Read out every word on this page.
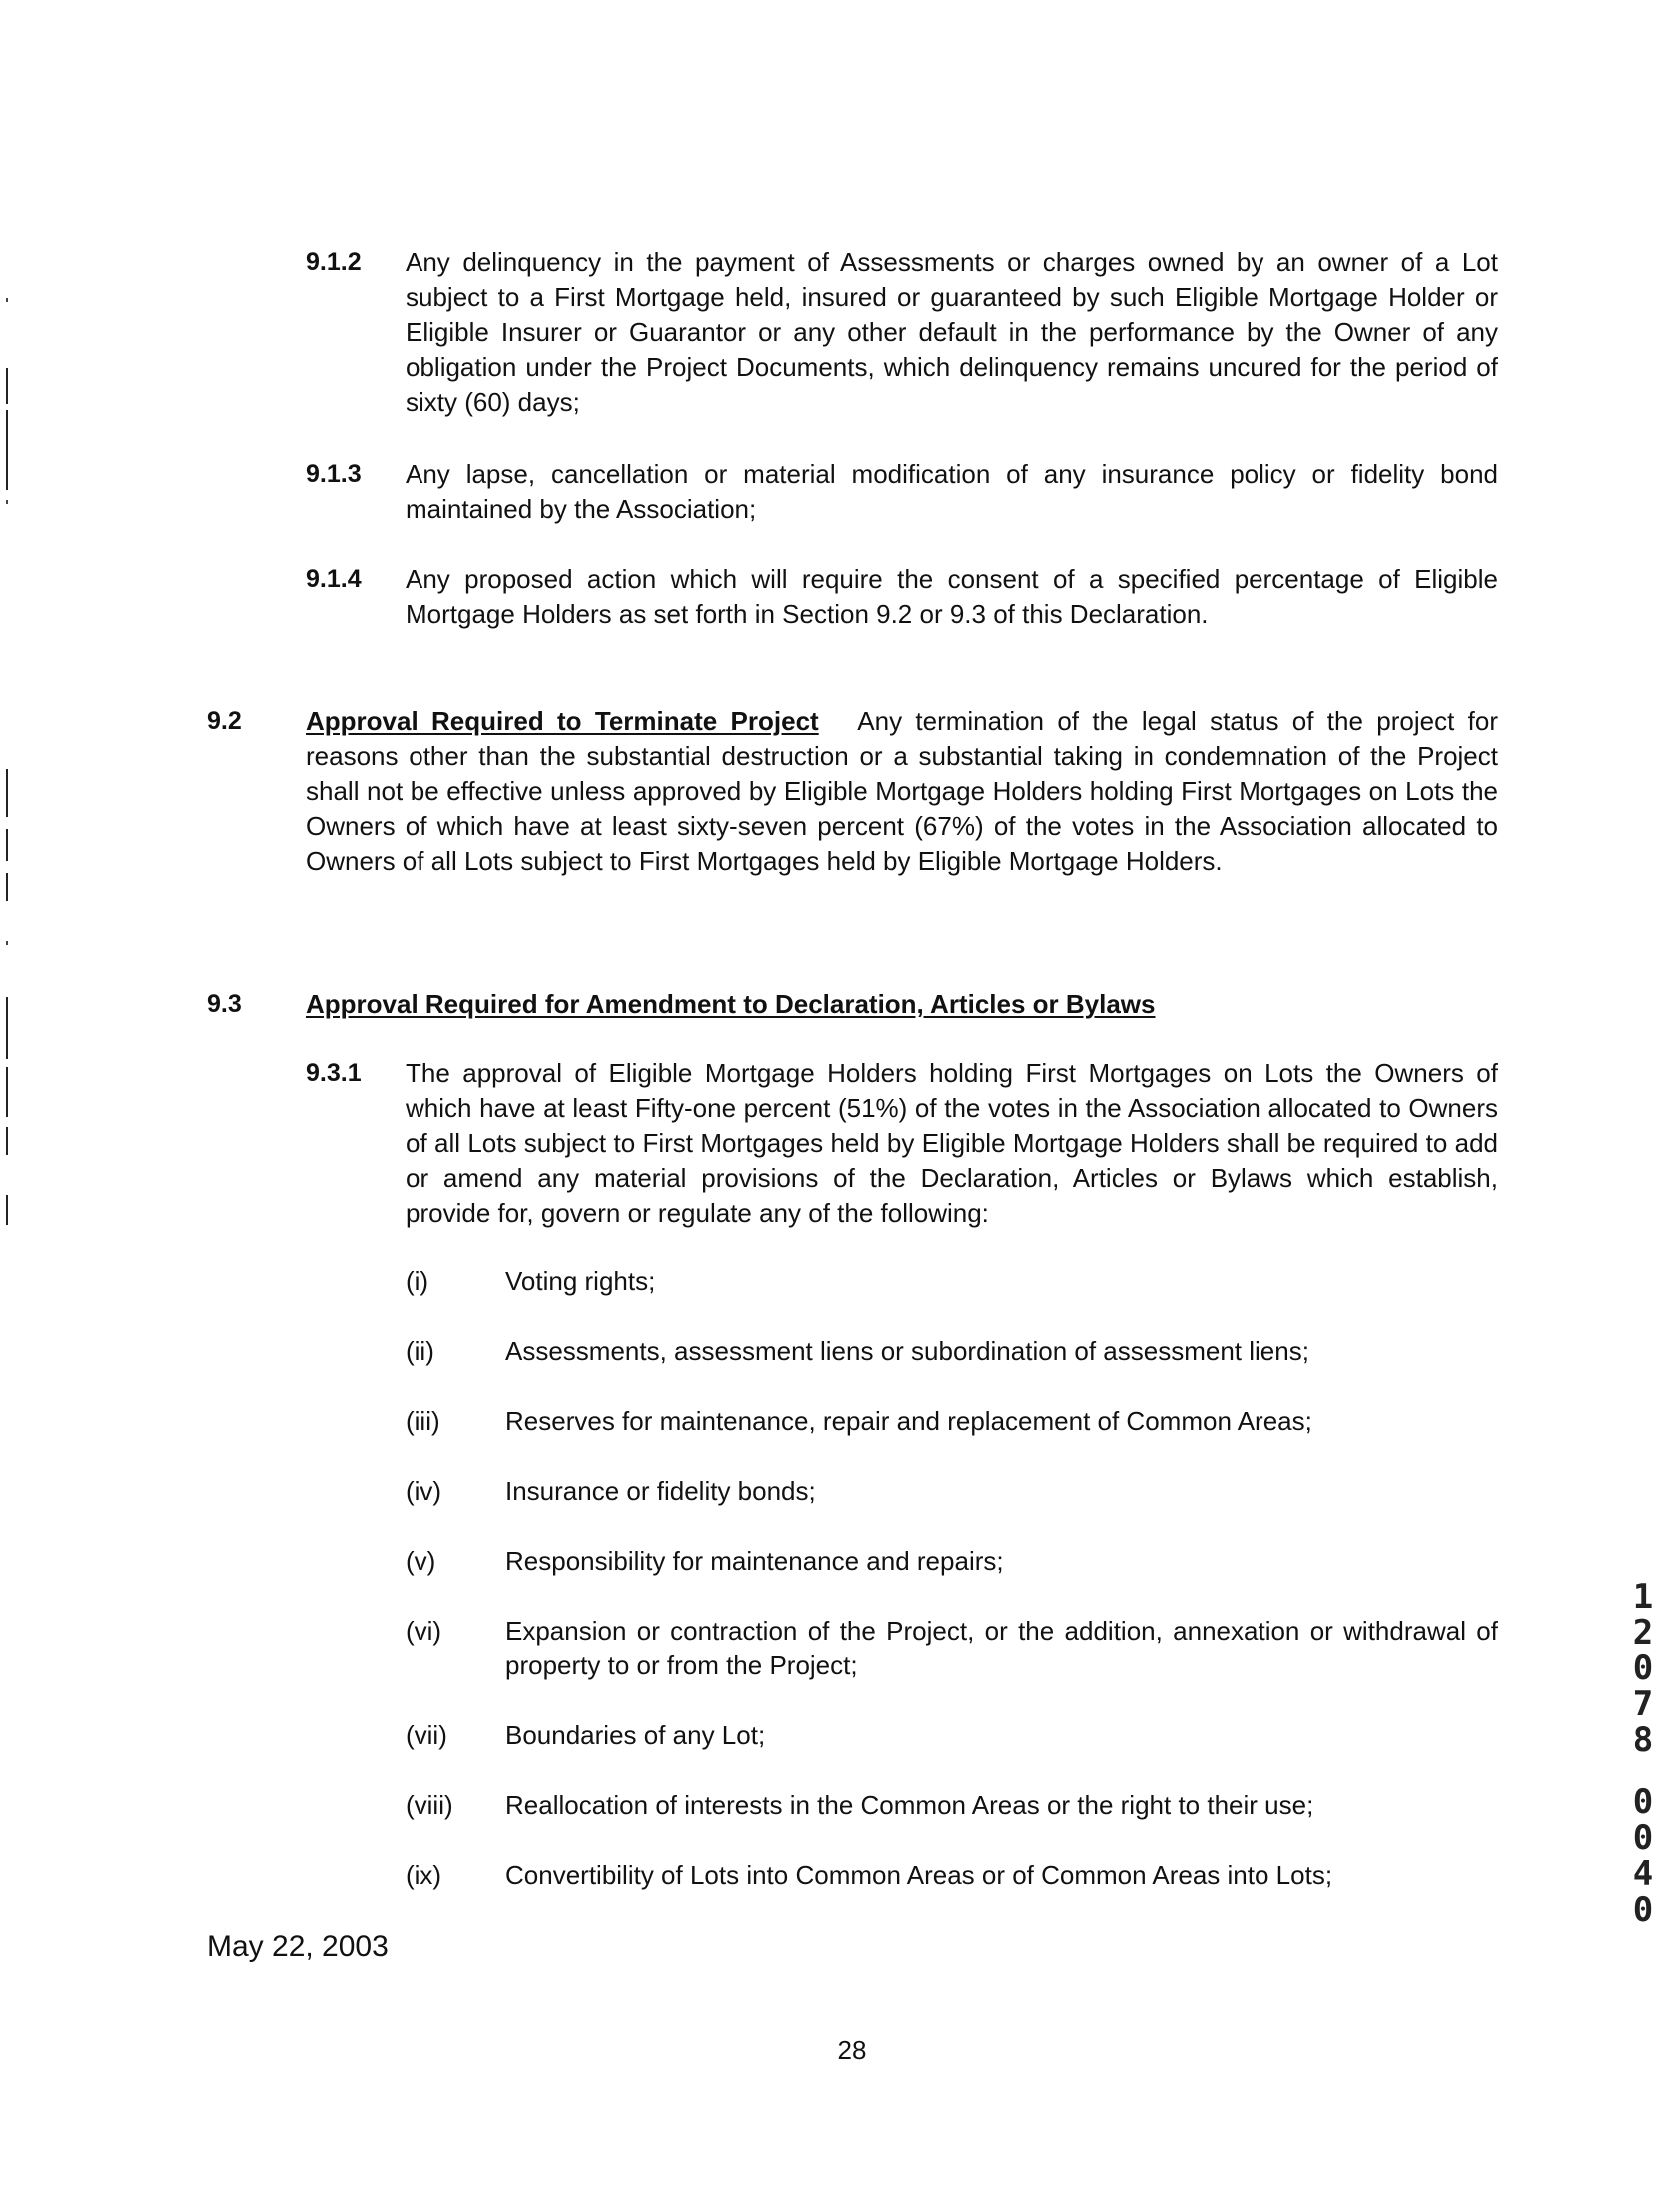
9.1.2 Any delinquency in the payment of Assessments or charges owned by an owner of a Lot subject to a First Mortgage held, insured or guaranteed by such Eligible Mortgage Holder or Eligible Insurer or Guarantor or any other default in the performance by the Owner of any obligation under the Project Documents, which delinquency remains uncured for the period of sixty (60) days;
9.1.3 Any lapse, cancellation or material modification of any insurance policy or fidelity bond maintained by the Association;
9.1.4 Any proposed action which will require the consent of a specified percentage of Eligible Mortgage Holders as set forth in Section 9.2 or 9.3 of this Declaration.
9.2 Approval Required to Terminate Project Any termination of the legal status of the project for reasons other than the substantial destruction or a substantial taking in condemnation of the Project shall not be effective unless approved by Eligible Mortgage Holders holding First Mortgages on Lots the Owners of which have at least sixty-seven percent (67%) of the votes in the Association allocated to Owners of all Lots subject to First Mortgages held by Eligible Mortgage Holders.
9.3 Approval Required for Amendment to Declaration, Articles or Bylaws
9.3.1 The approval of Eligible Mortgage Holders holding First Mortgages on Lots the Owners of which have at least Fifty-one percent (51%) of the votes in the Association allocated to Owners of all Lots subject to First Mortgages held by Eligible Mortgage Holders shall be required to add or amend any material provisions of the Declaration, Articles or Bylaws which establish, provide for, govern or regulate any of the following:
(i)	Voting rights;
(ii)	Assessments, assessment liens or subordination of assessment liens;
(iii)	Reserves for maintenance, repair and replacement of Common Areas;
(iv) Insurance or fidelity bonds;
(v)	Responsibility for maintenance and repairs;
(vi) Expansion or contraction of the Project, or the addition, annexation or withdrawal of property to or from the Project;
(vii) Boundaries of any Lot;
(viii) Reallocation of interests in the Common Areas or the right to their use;
(ix) Convertibility of Lots into Common Areas or of Common Areas into Lots;
May 22, 2003
28
1
2
0
7
8
0
0
4
0
